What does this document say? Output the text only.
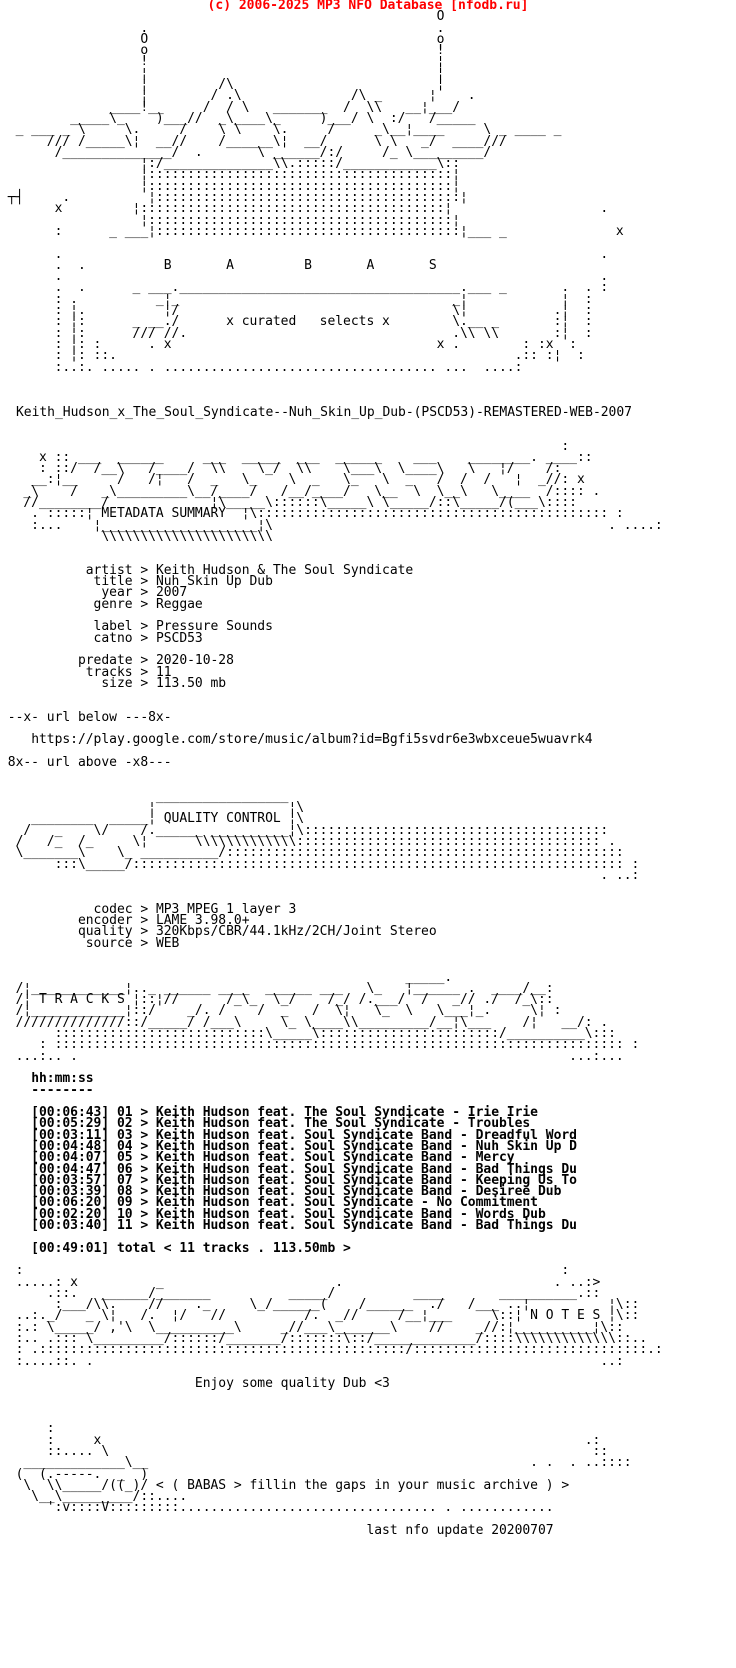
(c) 2006-2025 MP3 NFO Database [nfodb.ru]
O
.                                     .
O                                     o
o                                     !
!                                     ¦
¦                                     ¦
¦         /\                          ¦
¦        / .\              /\ _      ¦    .
____!__     /  / \   _______  /  \\   __¦___/
_____\_    )___//  _\____\_     )___/ \  :/   /_____
_ ___ _ \     \.     /    \ \    \.     /     _\__¦____     \ _ ____ _
/// /_____\¦  __//    /______\¦  __/      \ \   _/  ____///
/______________/  .       \ ______/:/     /_ \_________/
¦:/______________\\.:::::/____________\::
¦:::::::::::::::::::::::::::::::::::::::¦
¦:::::::::::::::::::::::::::::::::::::::¦
┬┤     .          ¦:::::::::::::::::::::::::::::::::::::::¦
x         ¦:::::::::::::::::::::::::::::::::::::::¦                   .
¦:::::::::::::::::::::::::::::::::::::::¦
:      _ ___¦:::::::::::::::::::::::::::::::::::::::¦___ _              x

.                                                                     .
.  .          B       A         B       A       S
.                                                                     .
.  .      _ ___.____________________________________.___ _       .  . :
: .          _¦_                                   _¦            ¦  :
: ¦.          ¦/                                   \¦           .¦  :
: ¦:      _ __./      x curated   selects x        \.__ _       :¦  :
: ¦:      /// //.                                  .\\ \\       :¦  :
: ¦: :      . x                                  x .        : :x  :
: ¦: ::.                                                   .:: :¦  :
:..:. ..... . ................................... ...  ....:

Keith_Hudson_x_The_Soul_Syndicate--Nuh_Skin_Up_Dub-(PSCD53)-REMASTERED-WEB-2007

:
x :: ___  ______     ___  _____  ___  ______    ___    ________. ____::
: ::/  /__\   /____/  \\    \_/  \\    \___\  \____\   \   ¦/    /:
__:¦__     /   /¦   /  _   \_    \  _   \_   \  _   /  /  /   ¦  _//: x
_\    /   _\_________\__/____/   /__/____/   \__  \  \__\   \____  /:::: .
//________/             ¦\_____\::::::\_____\ \_____/::\_____/(___\::::
. :::::¦ METADATA SUMMARY  ¦\::::::::::::::::::::::::::::::::::::::::::::: :
:...    ¦____________________¦\                                           . ....:
\\\\\\\\\\\\\\\\\\\\\\

artist > Keith Hudson & The Soul Syndicate
title > Nuh Skin Up Dub
year > 2007
genre > Reggae

label > Pressure Sounds
catno > PSCD53

predate > 2020-10-28
tracks > 11
size > 113.50 mb

--x- url below ---8x-

https://play.google.com/store/music/album?id=Bgfi5svdr6e3wbxceue5wuavrk4

8x-- url above -x8---

_________________
¦                 ¦\
________  _____¦ QUALITY CONTROL ¦\
/   _    \/    /.______ __________¦\:::::::::::::::::::::::::::::::::::::::
/   /_  /_     \¦      \\\\\\\\\\\\\::::::::::::::::::::::::::::::::::::::: .
\_______\    \_ __________/:::::::::::::::::::::::::::::::::::::::::::::::::::
:::\_____/::::::::::::::::::::::::::::::::::::::::::::::::::::::::::::::: :
. ..:

codec > MP3 MPEG 1 layer 3
encoder > LAME 3.98.0+
quality > 320Kbps/CBR/44.1kHz/2CH/Joint Stereo
source > WEB

_____.
/¦____________¦.._ ______ ____  ______ ___   \_   ¦______ .  ____/__:
/¦ T R A C K S ¦::¦//      /_\_  \_/    /_/ /.___/  /   _// ./  /_\::
/¦____________¦::/    _/. /    /  _   /  \¦   \_  \   \___¦_.     \¦ :
//////////////::/_____/ /___\     \_ \____\\_________/__¦\___    /¦   __/: .
:::::::::::::::::::::::::::\_____\:::::::::::::::::::::::/__________\:::
: ::::::::::::::::::::::::::::::::::::::::::::::::::::::::::::::::::::::::: :
...:.. .                                                               ...:...

hh:mm:ss
--------

[00:06:43] 01 > Keith Hudson feat. The Soul Syndicate - Irie Irie
[00:05:29] 02 > Keith Hudson feat. The Soul Syndicate - Troubles
[00:03:11] 03 > Keith Hudson feat. Soul Syndicate Band - Dreadful Word
[00:04:48] 04 > Keith Hudson feat. Soul Syndicate Band - Nuh Skin Up D
[00:04:07] 05 > Keith Hudson feat. Soul Syndicate Band - Mercy
[00:04:47] 06 > Keith Hudson feat. Soul Syndicate Band - Bad Things Du
[00:03:57] 07 > Keith Hudson feat. Soul Syndicate Band - Keeping Us To
[00:03:39] 08 > Keith Hudson feat. Soul Syndicate Band - Desiree Dub
[00:06:20] 09 > Keith Hudson feat. Soul Syndicate - No Commitment
[00:02:20] 10 > Keith Hudson feat. Soul Syndicate Band - Words Dub
[00:03:40] 11 > Keith Hudson feat. Soul Syndicate Band - Bad Things Du

[00:49:01] total < 11 tracks . 113.50mb >

:                                                                     :
.....: x          _                      .                           . ..:>
.::.   ______/_______          _____/          ____       __________.::
:___/\\.    //    ._     \_/______(    /______  ./   /___ ..¦          ¦\::
..:._/   _ \¦   /.  ¦/   //          /.  _//     /__¦___     \::¦ N O T E S ¦\::
:.: \_____/ ,'\  \__________\     _//___\_______\    //    _//:¦__________¦\::
:.. .::: \_________/::::::/_______/:::::::\::/_____________/::::\\\\\\\\\\\\\::..
: .:::::::::::::::::::::::::::::::::::::::::::::::/::::::::::::::::::::::::::::::.:
:....::. .                                                                 ..:

Enjoy some quality Dub <3

:
:     x                                                              .:
::.... \                                                              ::
_____________\__                                                 . .  . ..::::
(  (.-----.  _  )
\  \\_____/((_)/ < ( BABAS > fillin the gaps in your music archive ) >
\__\_________/::....
':v::::V:::::::::................................. . ............

last nfo update 20200707
